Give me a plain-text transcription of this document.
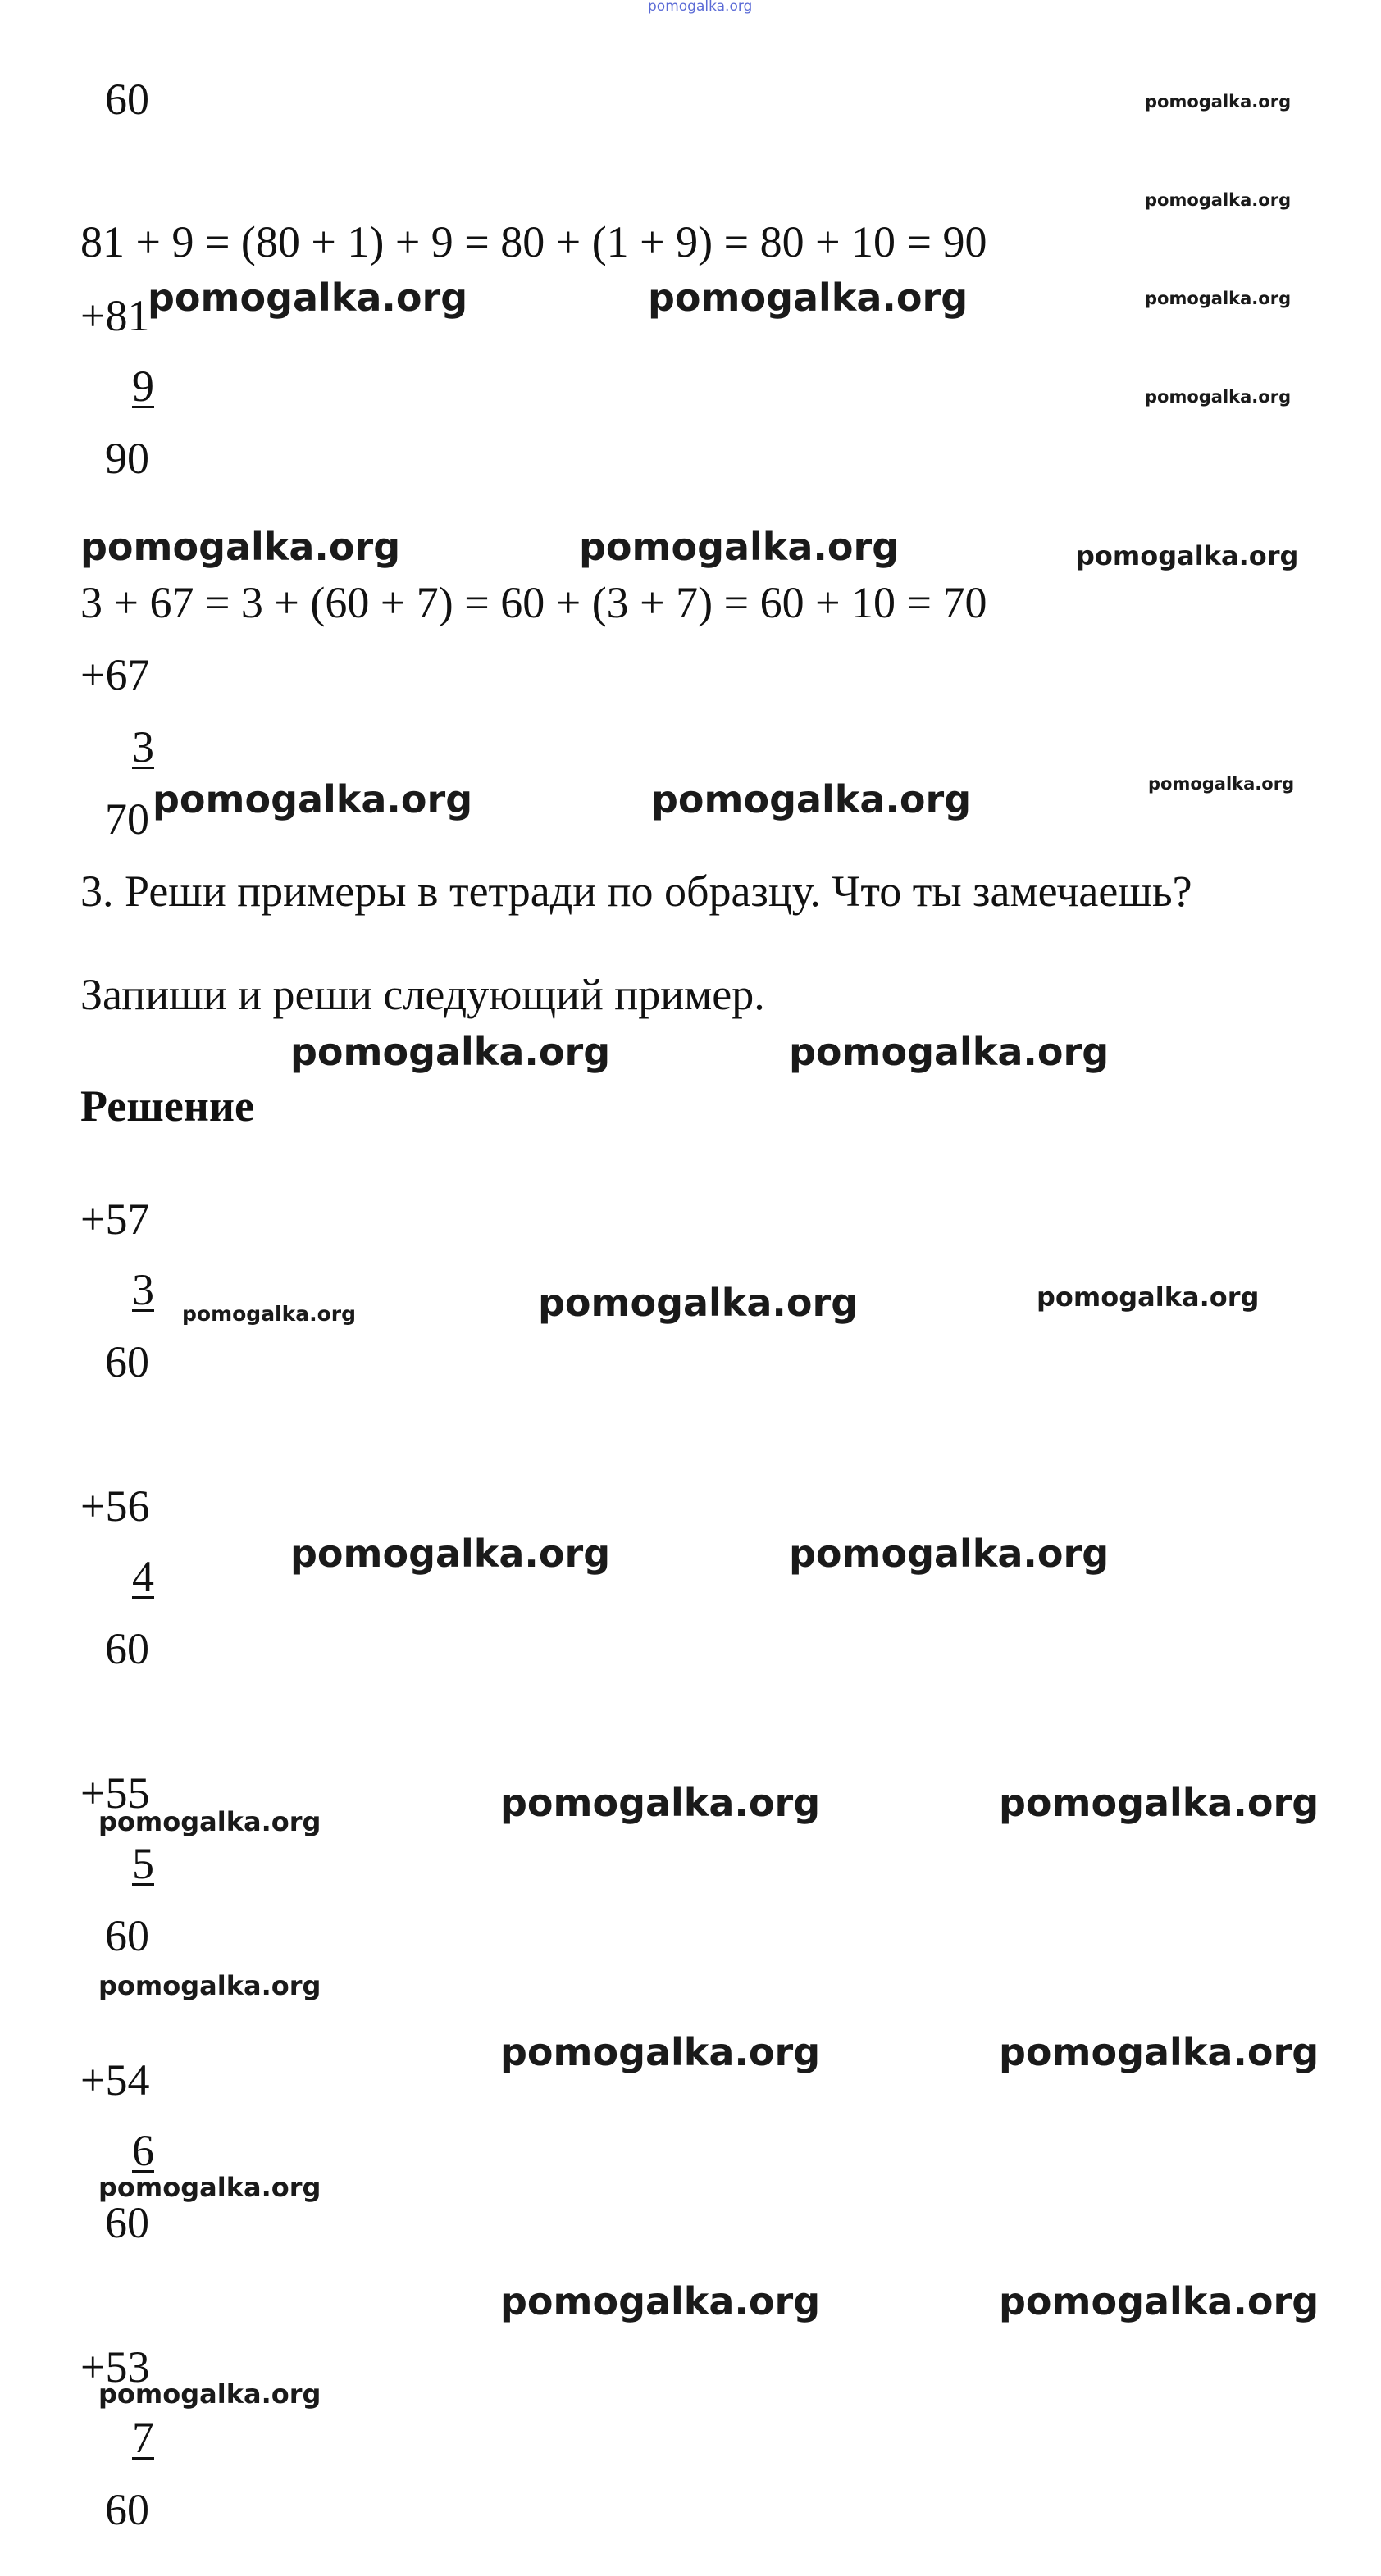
pomogalka.org
60	pomogalka.org
pomogalka.org
pomogalka.org
pomogalka.org
81 + 9 = (80 + 1) + 9 = 80 + (1 + 9) = 80 + 10 = 90
+81
pomogalka.org	pomogalka.org
9
90
pomogalka.org	pomogalka.org	pomogalka.org
3 + 67 = 3 + (60 + 7) = 60 + (3 + 7) = 60 + 10 = 70
+67
3
pomogalka.org
70 pomogalka.org	pomogalka.org
3. Реши примеры в тетради по образцу. Что ты замечаешь?
Запиши и реши следующий пример.
pomogalka.org	pomogalka.org
Решение
+57
3 pomogalka.org	pomogalka.org	pomogalka.org
60
+56
pomogalka.org	pomogalka.org
4
60
+55	pomogalka.org	pomogalka.org
pomogalka.org
5
60
pomogalka.org
pomogalka.org	pomogalka.org
+54
6
pomogalka.org
60
pomogalka.org	pomogalka.org
+53
pomogalka.org
7
60
